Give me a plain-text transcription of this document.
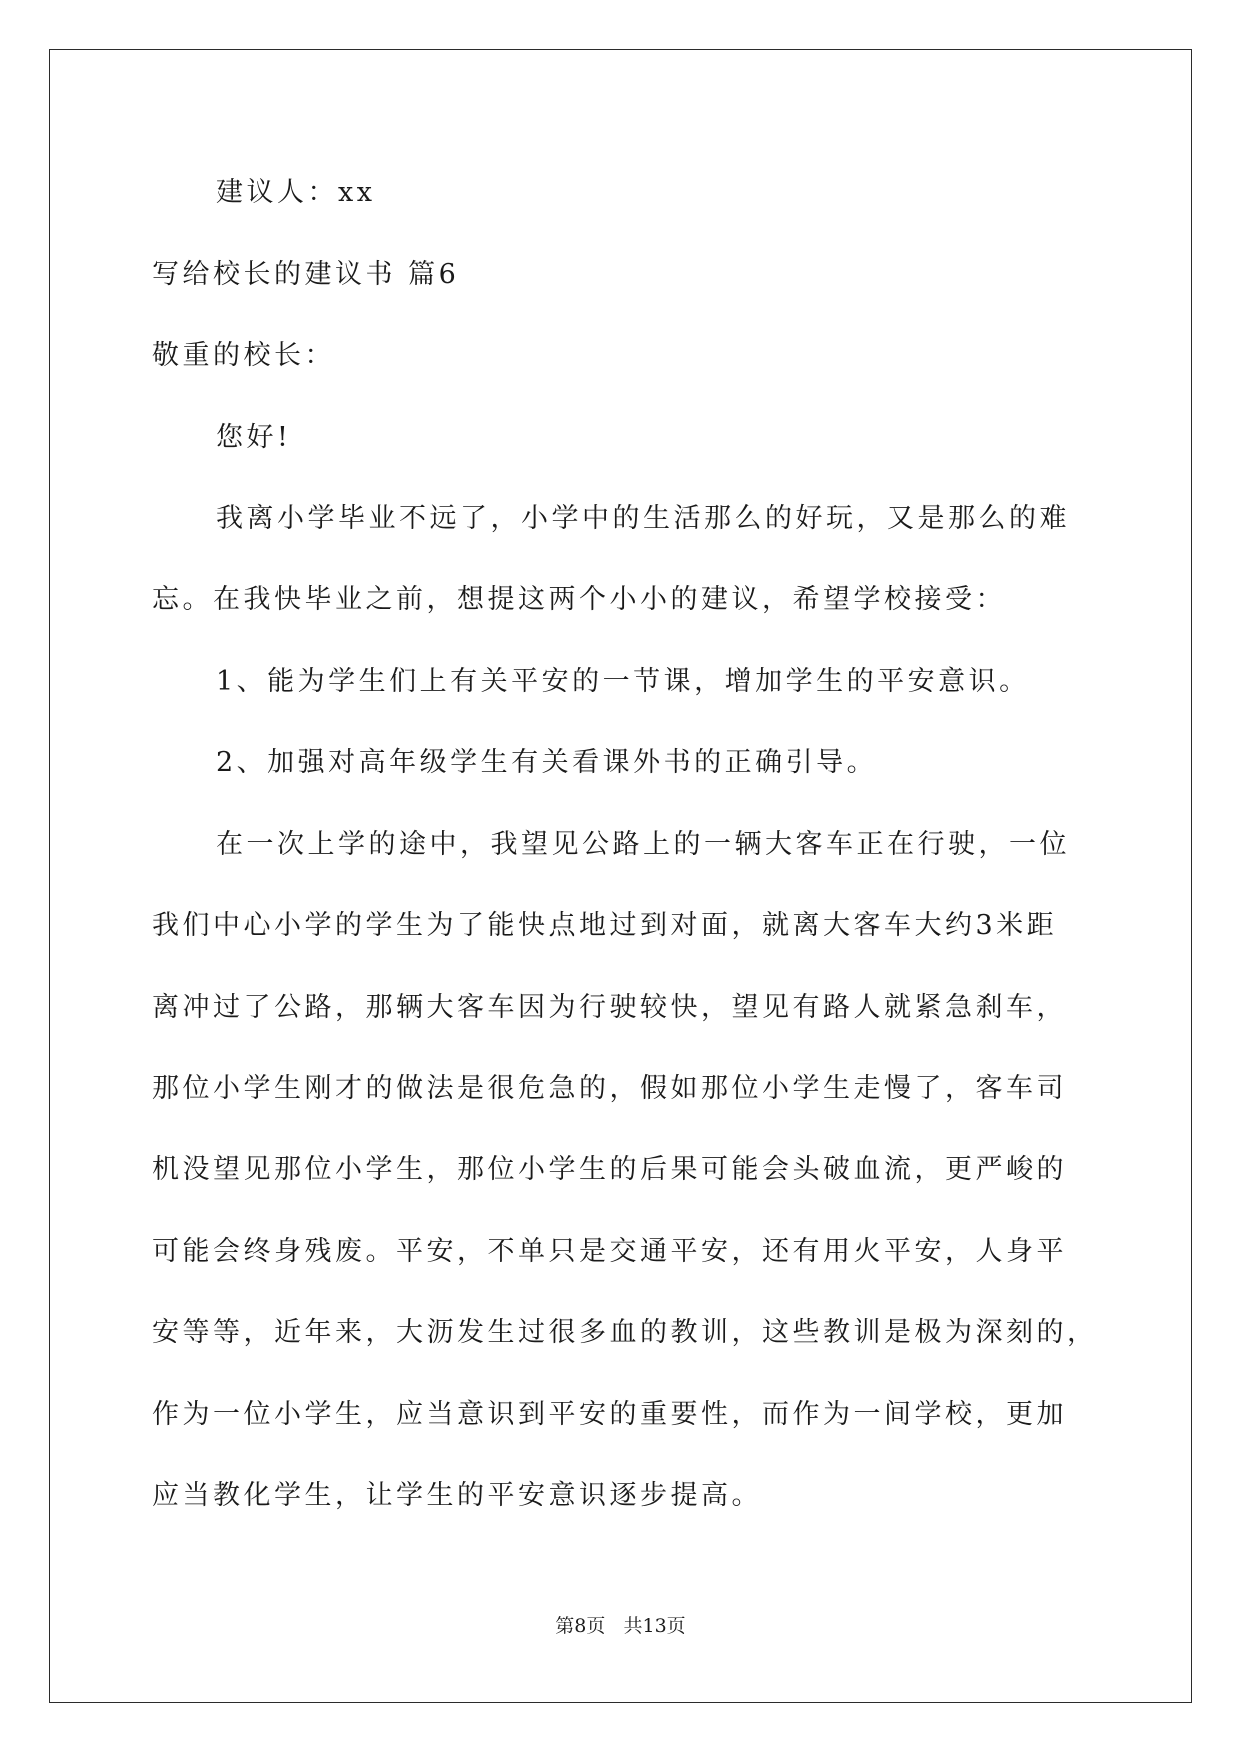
建议人：xx
写给校长的建议书 篇6
敬重的校长：
您好!
我离小学毕业不远了，小学中的生活那么的好玩，又是那么的难
忘。在我快毕业之前，想提这两个小小的建议，希望学校接受：
1、能为学生们上有关平安的一节课，增加学生的平安意识。
2、加强对高年级学生有关看课外书的正确引导。
在一次上学的途中，我望见公路上的一辆大客车正在行驶，一位
我们中心小学的学生为了能快点地过到对面，就离大客车大约3米距
离冲过了公路，那辆大客车因为行驶较快，望见有路人就紧急刹车，
那位小学生刚才的做法是很危急的，假如那位小学生走慢了，客车司
机没望见那位小学生，那位小学生的后果可能会头破血流，更严峻的
可能会终身残废。平安，不单只是交通平安，还有用火平安，人身平
安等等，近年来，大沥发生过很多血的教训，这些教训是极为深刻的，
作为一位小学生，应当意识到平安的重要性，而作为一间学校，更加
应当教化学生，让学生的平安意识逐步提高。
第8页   共13页
